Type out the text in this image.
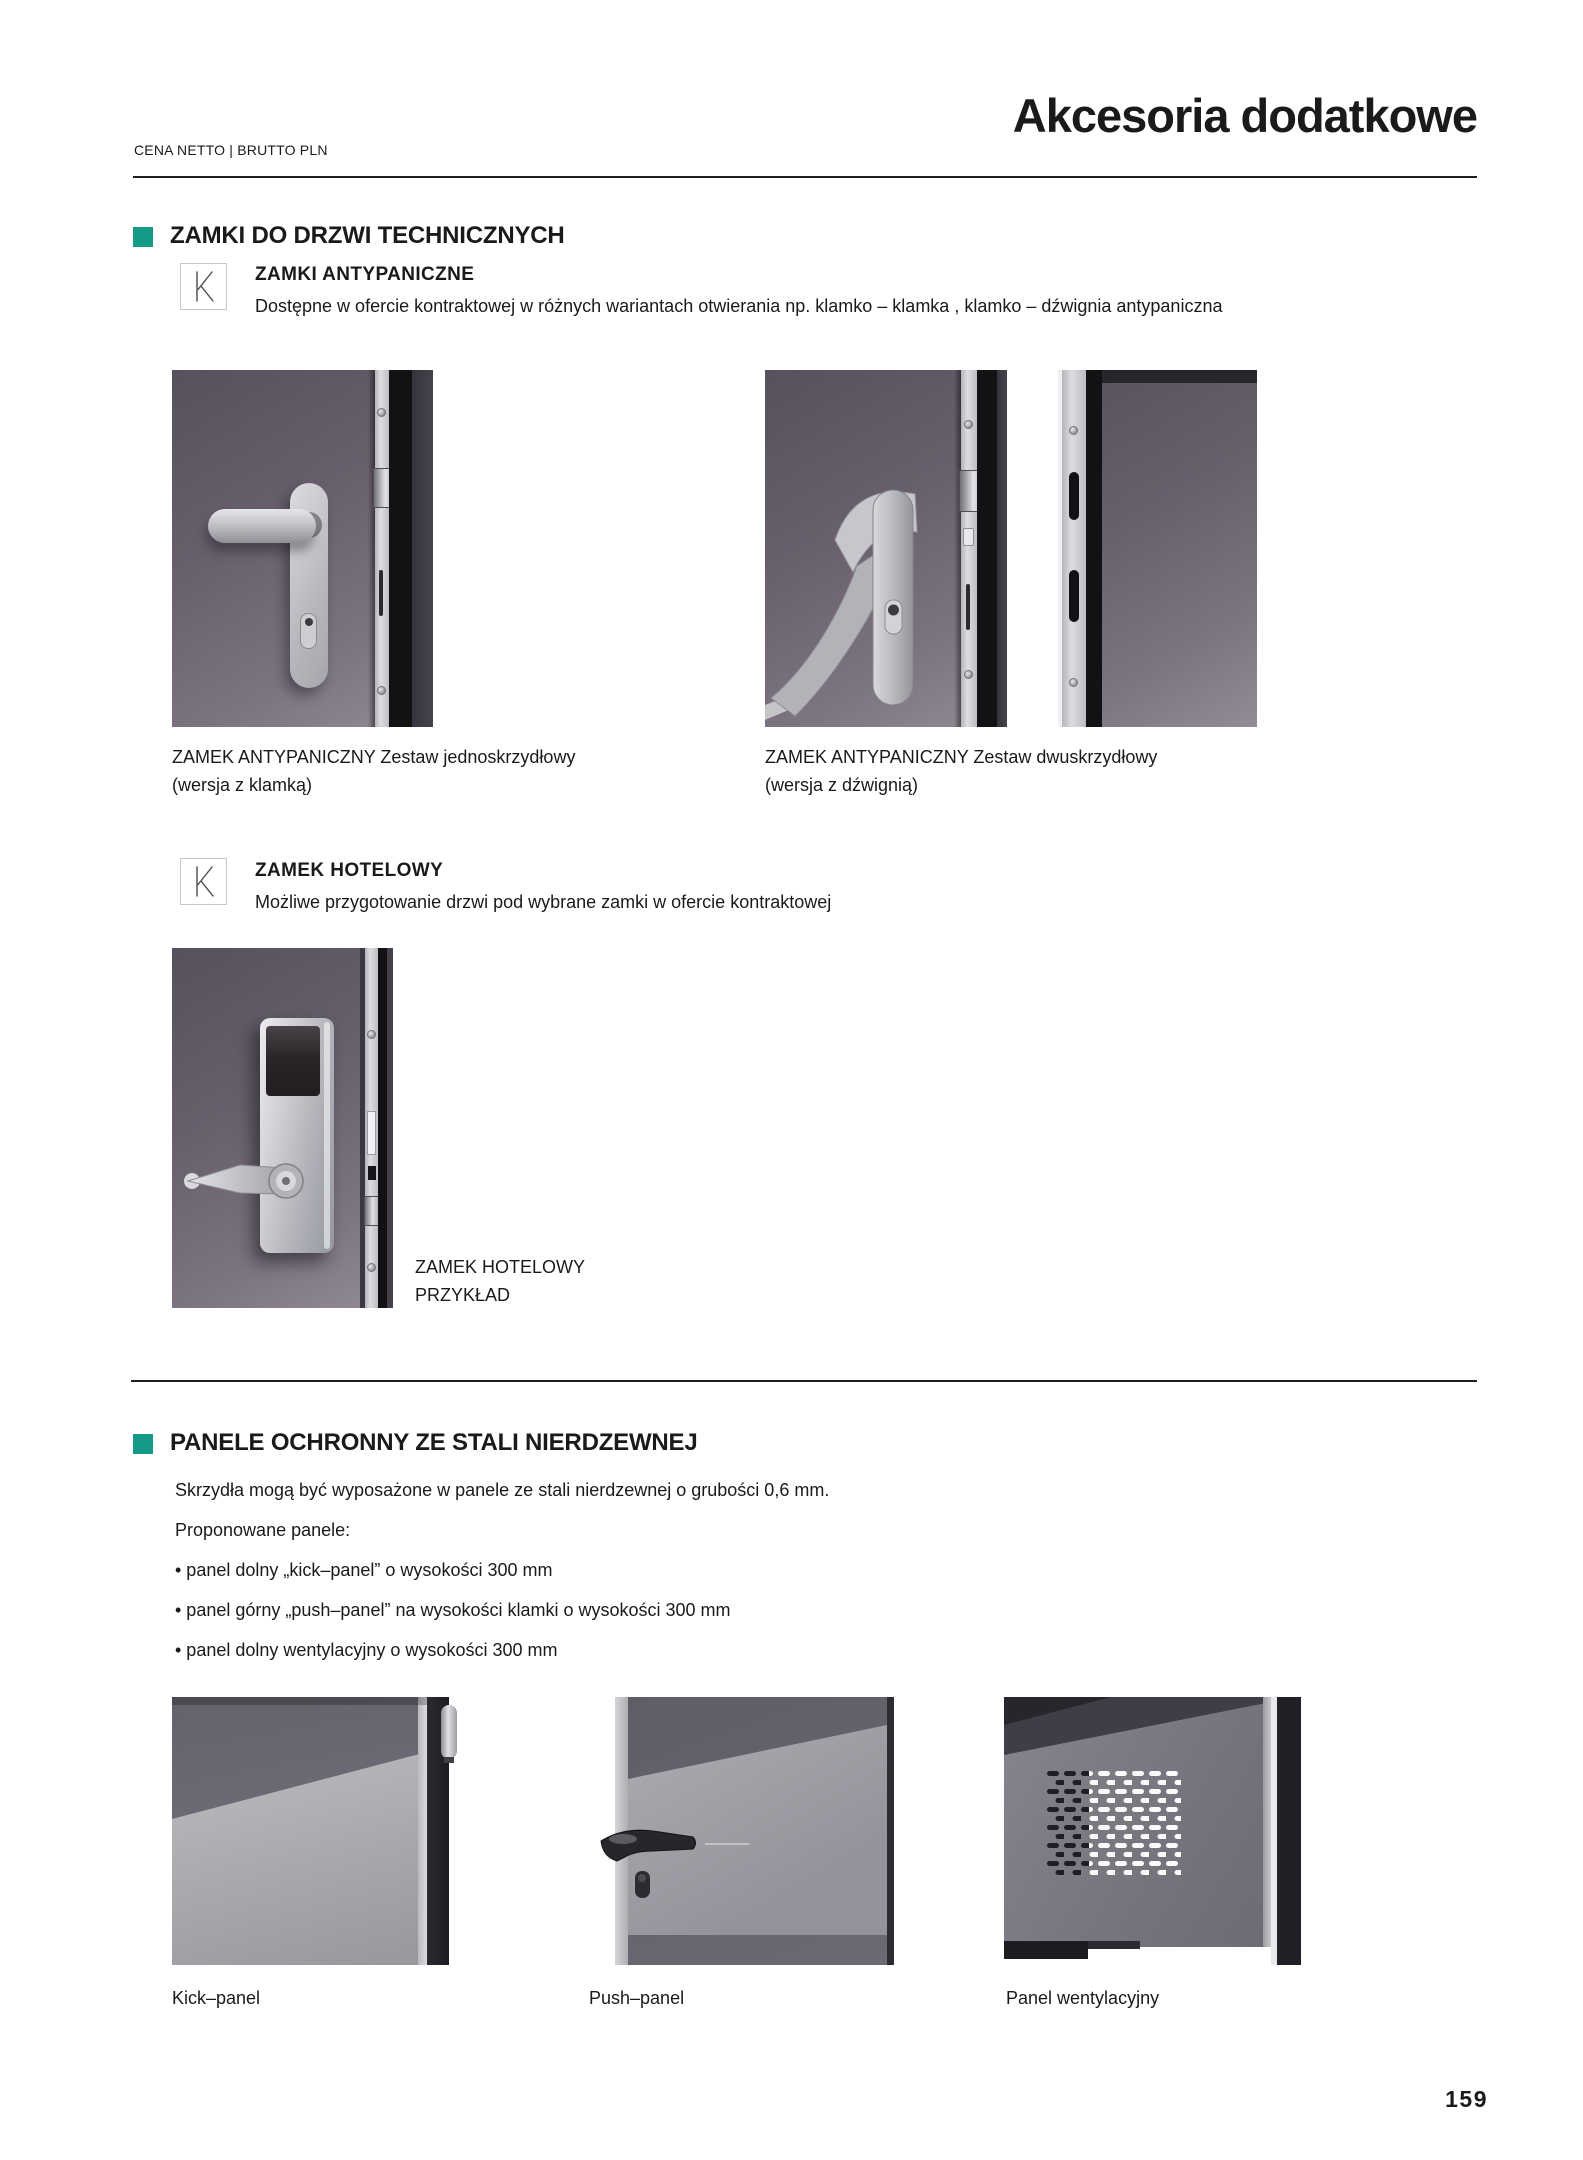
CENA NETTO | BRUTTO PLN
Akcesoria dodatkowe
ZAMKI DO DRZWI TECHNICZNYCH
ZAMKI ANTYPANICZNE
Dostępne w ofercie kontraktowej w różnych wariantach otwierania np. klamko – klamka , klamko – dźwignia antypaniczna
ZAMEK ANTYPANICZNY Zestaw jednoskrzydłowy
(wersja z klamką)
ZAMEK ANTYPANICZNY Zestaw dwuskrzydłowy
(wersja z dźwignią)
ZAMEK HOTELOWY
Możliwe przygotowanie drzwi pod wybrane zamki w ofercie kontraktowej
ZAMEK HOTELOWY
PRZYKŁAD
PANELE OCHRONNY ZE STALI NIERDZEWNEJ
Skrzydła mogą być wyposażone w panele ze stali nierdzewnej o grubości 0,6 mm.
Proponowane panele:
• panel dolny „kick–panel” o wysokości 300 mm
• panel górny „push–panel” na wysokości klamki o wysokości 300 mm
• panel dolny wentylacyjny o wysokości 300 mm
Kick–panel	Push–panel	Panel wentylacyjny
159
